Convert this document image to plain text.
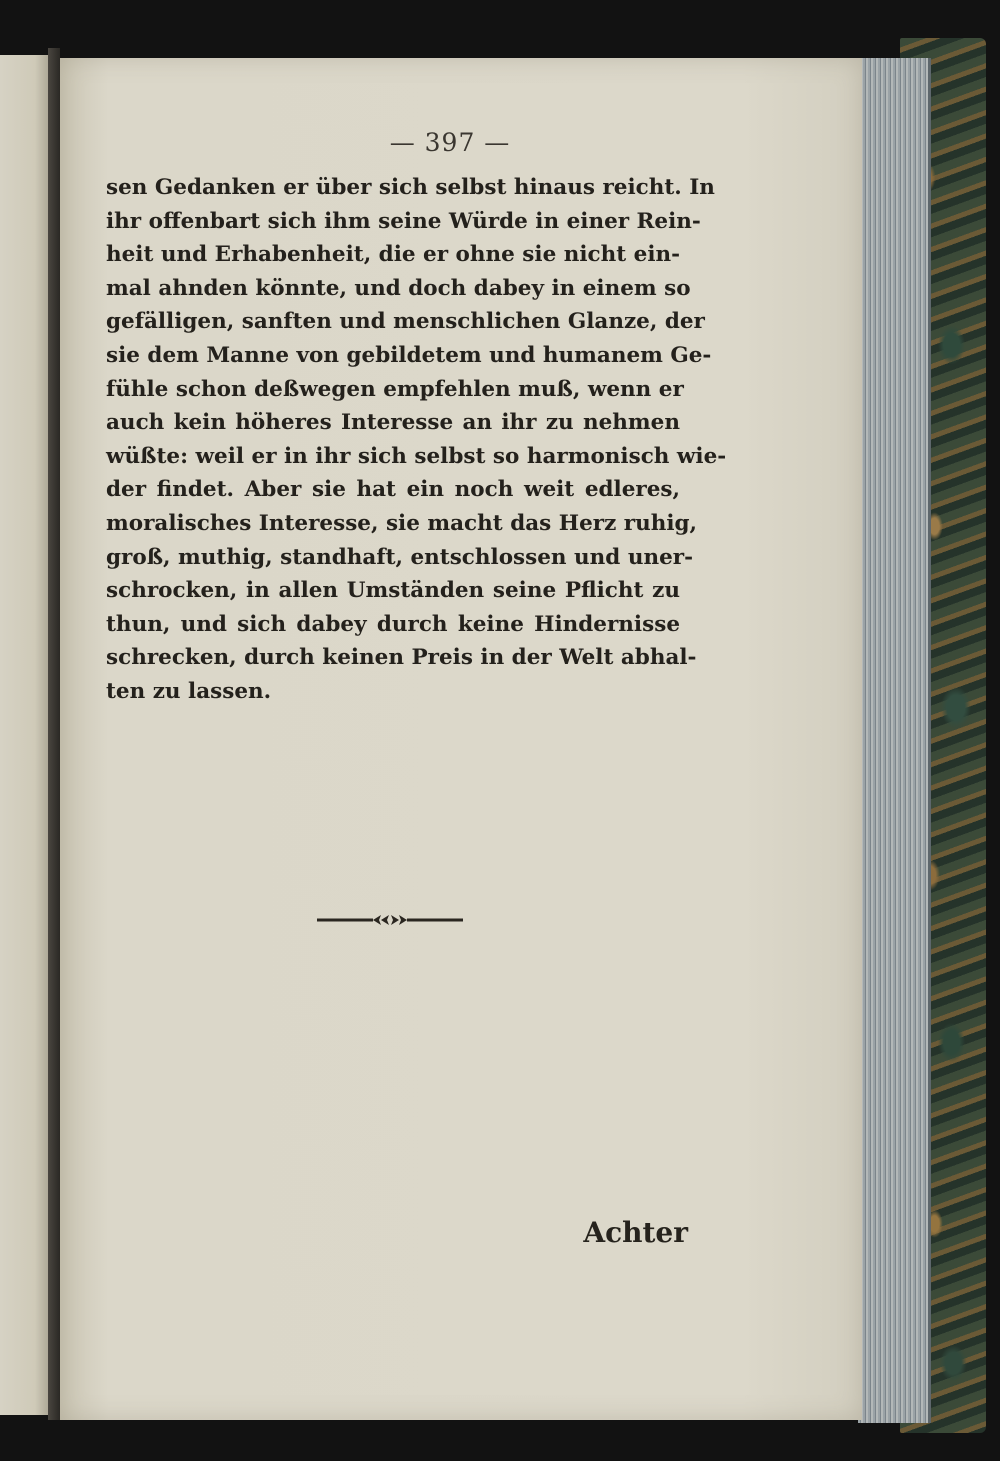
— 397 —

sen Gedanken er über sich selbst hinaus reicht. In
ihr offenbart sich ihm seine Würde in einer Rein-
heit und Erhabenheit, die er ohne sie nicht ein-
mal ahnden könnte, und doch dabey in einem so
gefälligen, sanften und menschlichen Glanze, der
sie dem Manne von gebildetem und humanem Ge-
fühle schon deßwegen empfehlen muß, wenn er
auch kein höheres Interesse an ihr zu nehmen
wüßte: weil er in ihr sich selbst so harmonisch wie-
der findet. Aber sie hat ein noch weit edleres,
moralisches Interesse, sie macht das Herz ruhig,
groß, muthig, standhaft, entschlossen und uner-
schrocken, in allen Umständen seine Pflicht zu
thun, und sich dabey durch keine Hindernisse
schrecken, durch keinen Preis in der Welt abhal-
ten zu lassen.

Achter
